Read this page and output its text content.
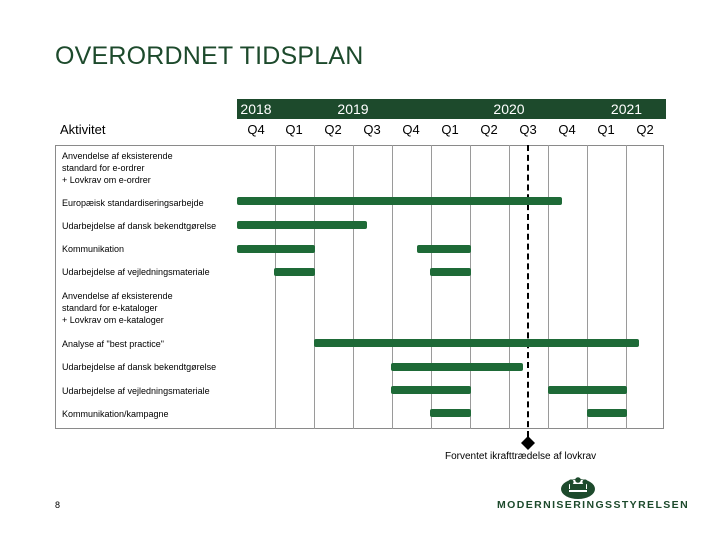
OVERORDNET TIDSPLAN
2018	2019	2020	2021
Aktivitet	Q4	Q1	Q2	Q3	Q4	Q1	Q2	Q3	Q4	Q1	Q2
Anvendelse af eksisterende
standard for e-ordrer
+ Lovkrav om e-ordrer
Europæisk standardiseringsarbejde
Udarbejdelse af dansk bekendtgørelse
Kommunikation
Udarbejdelse af vejledningsmateriale
Anvendelse af eksisterende
standard for e-kataloger
+ Lovkrav om e-kataloger
Analyse af "best practice"
Udarbejdelse af dansk bekendtgørelse
Udarbejdelse af vejledningsmateriale
Kommunikation/kampagne
Forventet ikrafttrædelse af lovkrav
8	MODERNISERINGSSTYRELSEN
